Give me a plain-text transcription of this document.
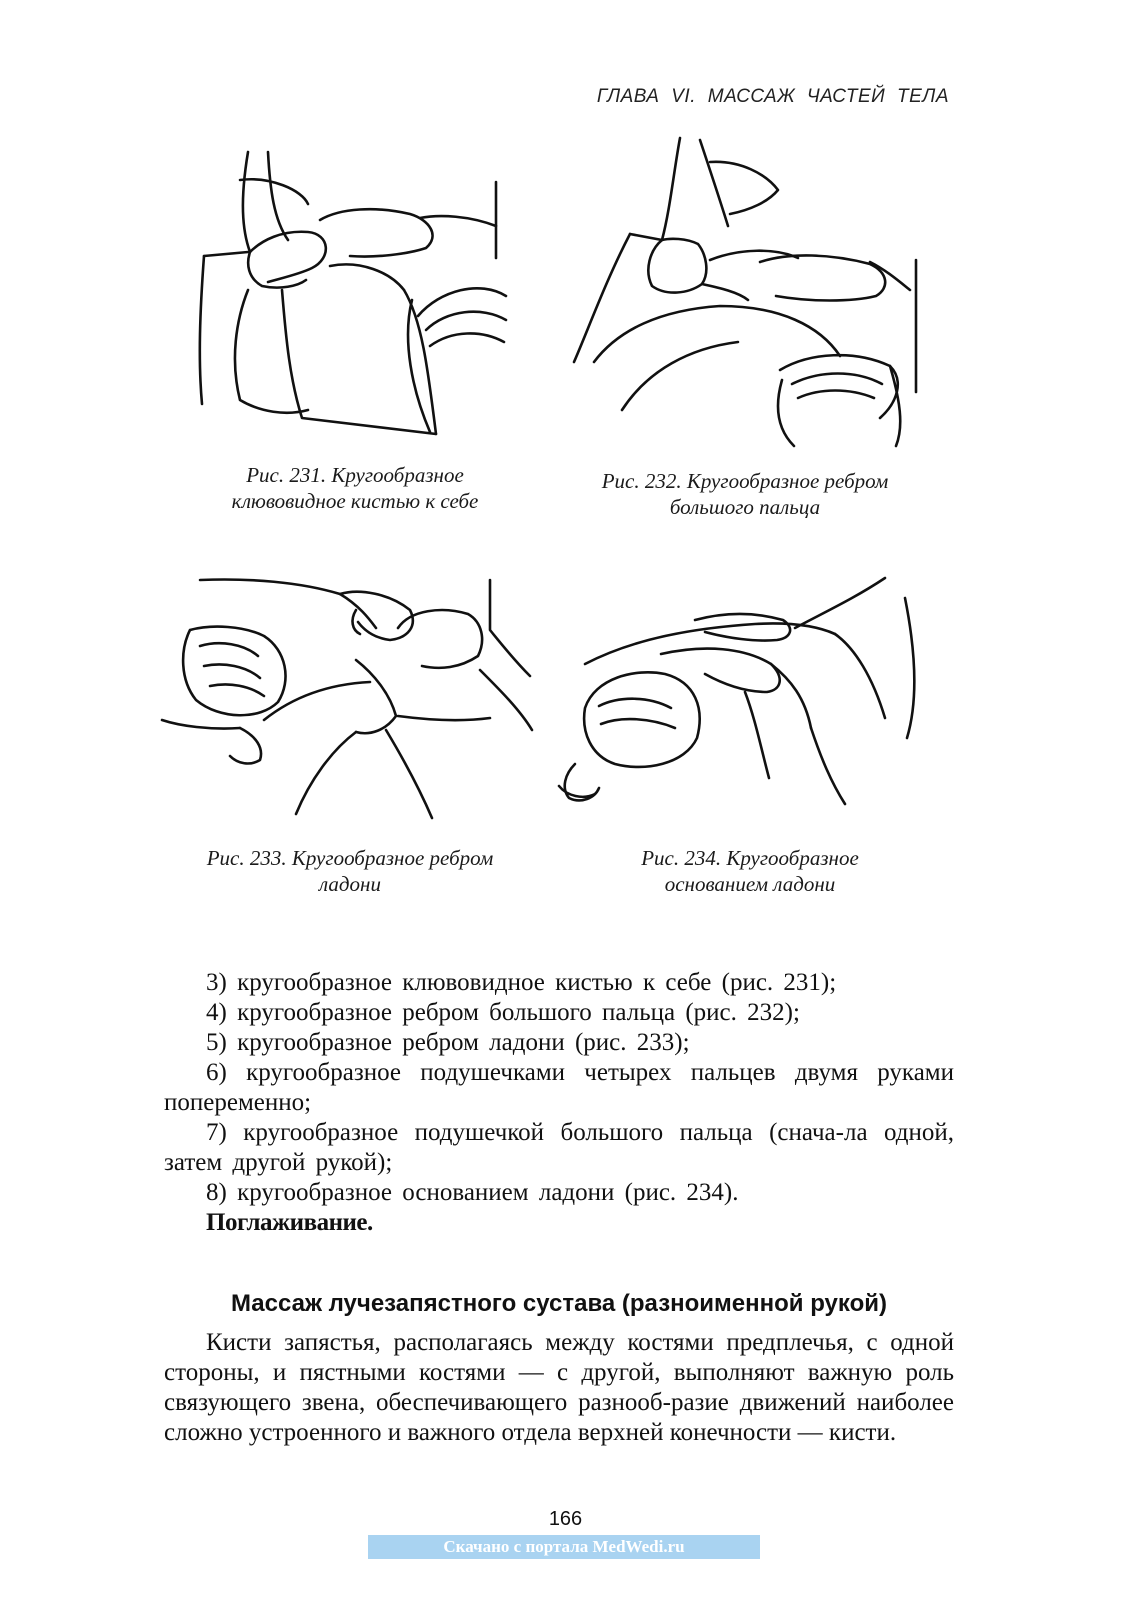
ГЛАВА VI. МАССАЖ ЧАСТЕЙ ТЕЛА
Рис. 231. Кругообразное
клювовидное кистью к себе
Рис. 232. Кругообразное ребром
большого пальца
Рис. 233. Кругообразное ребром
ладони
Рис. 234. Кругообразное
основанием ладони

3) кругообразное клювовидное кистью к себе (рис. 231);

4) кругообразное ребром большого пальца (рис. 232);

5) кругообразное ребром ладони (рис. 233);

6) кругообразное подушечками четырех пальцев двумя руками попеременно;

7) кругообразное подушечкой большого пальца (снача-ла одной, затем другой рукой);

8) кругообразное основанием ладони (рис. 234).

Поглаживание.

Массаж лучезапястного сустава (разноименной рукой)

Кисти запястья, располагаясь между костями предплечья, с одной стороны, и пястными костями — с другой, выполняют важную роль связующего звена, обеспечивающего разнооб-разие движений наиболее сложно устроенного и важного отдела верхней конечности — кисти.

166
Скачано с портала MedWedi.ru
